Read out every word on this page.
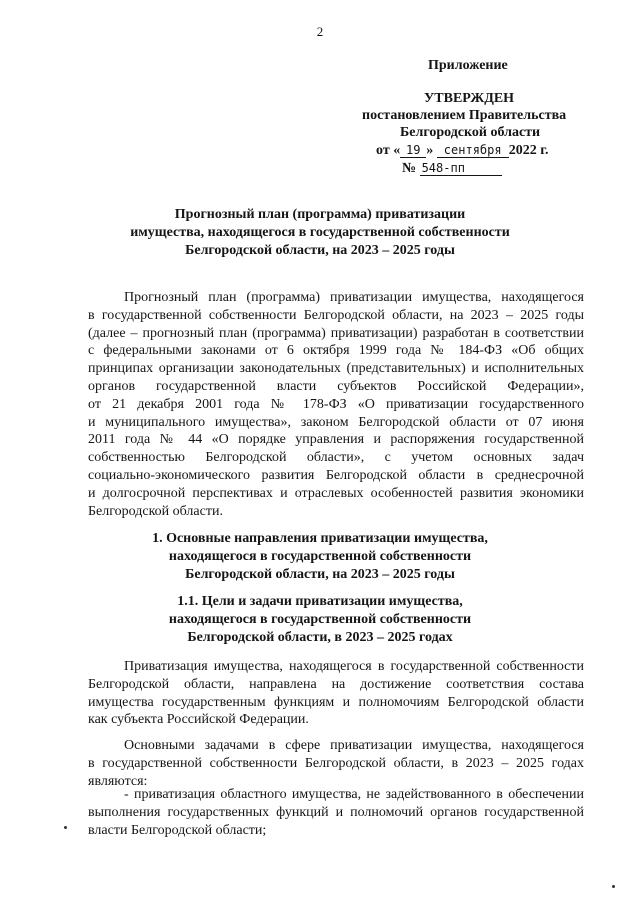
2
Приложение
УТВЕРЖДЕН
постановлением Правительства
Белгородской области
от « 19 » сентября 2022 г.
№ 548-пп
Прогнозный план (программа) приватизации
имущества, находящегося в государственной собственности
Белгородской области, на 2023 – 2025 годы
Прогнозный план (программа) приватизации имущества, находящегося
в государственной собственности Белгородской области, на 2023 – 2025 годы
(далее – прогнозный план (программа) приватизации) разработан в соответствии
с федеральными законами от 6 октября 1999 года № 184-ФЗ «Об общих
принципах организации законодательных (представительных) и исполнительных
органов государственной власти субъектов Российской Федерации»,
от 21 декабря 2001 года № 178-ФЗ «О приватизации государственного
и муниципального имущества», законом Белгородской области от 07 июня
2011 года № 44 «О порядке управления и распоряжения государственной
собственностью Белгородской области», с учетом основных задач
социально-экономического развития Белгородской области в среднесрочной
и долгосрочной перспективах и отраслевых особенностей развития экономики
Белгородской области.
1. Основные направления приватизации имущества,
находящегося в государственной собственности
Белгородской области, на 2023 – 2025 годы
1.1. Цели и задачи приватизации имущества,
находящегося в государственной собственности
Белгородской области, в 2023 – 2025 годах
Приватизация имущества, находящегося в государственной собственности
Белгородской области, направлена на достижение соответствия состава
имущества государственным функциям и полномочиям Белгородской области
как субъекта Российской Федерации.
Основными задачами в сфере приватизации имущества, находящегося
в государственной собственности Белгородской области, в 2023 – 2025 годах
являются:
- приватизация областного имущества, не задействованного в обеспечении
выполнения государственных функций и полномочий органов государственной
власти Белгородской области;
